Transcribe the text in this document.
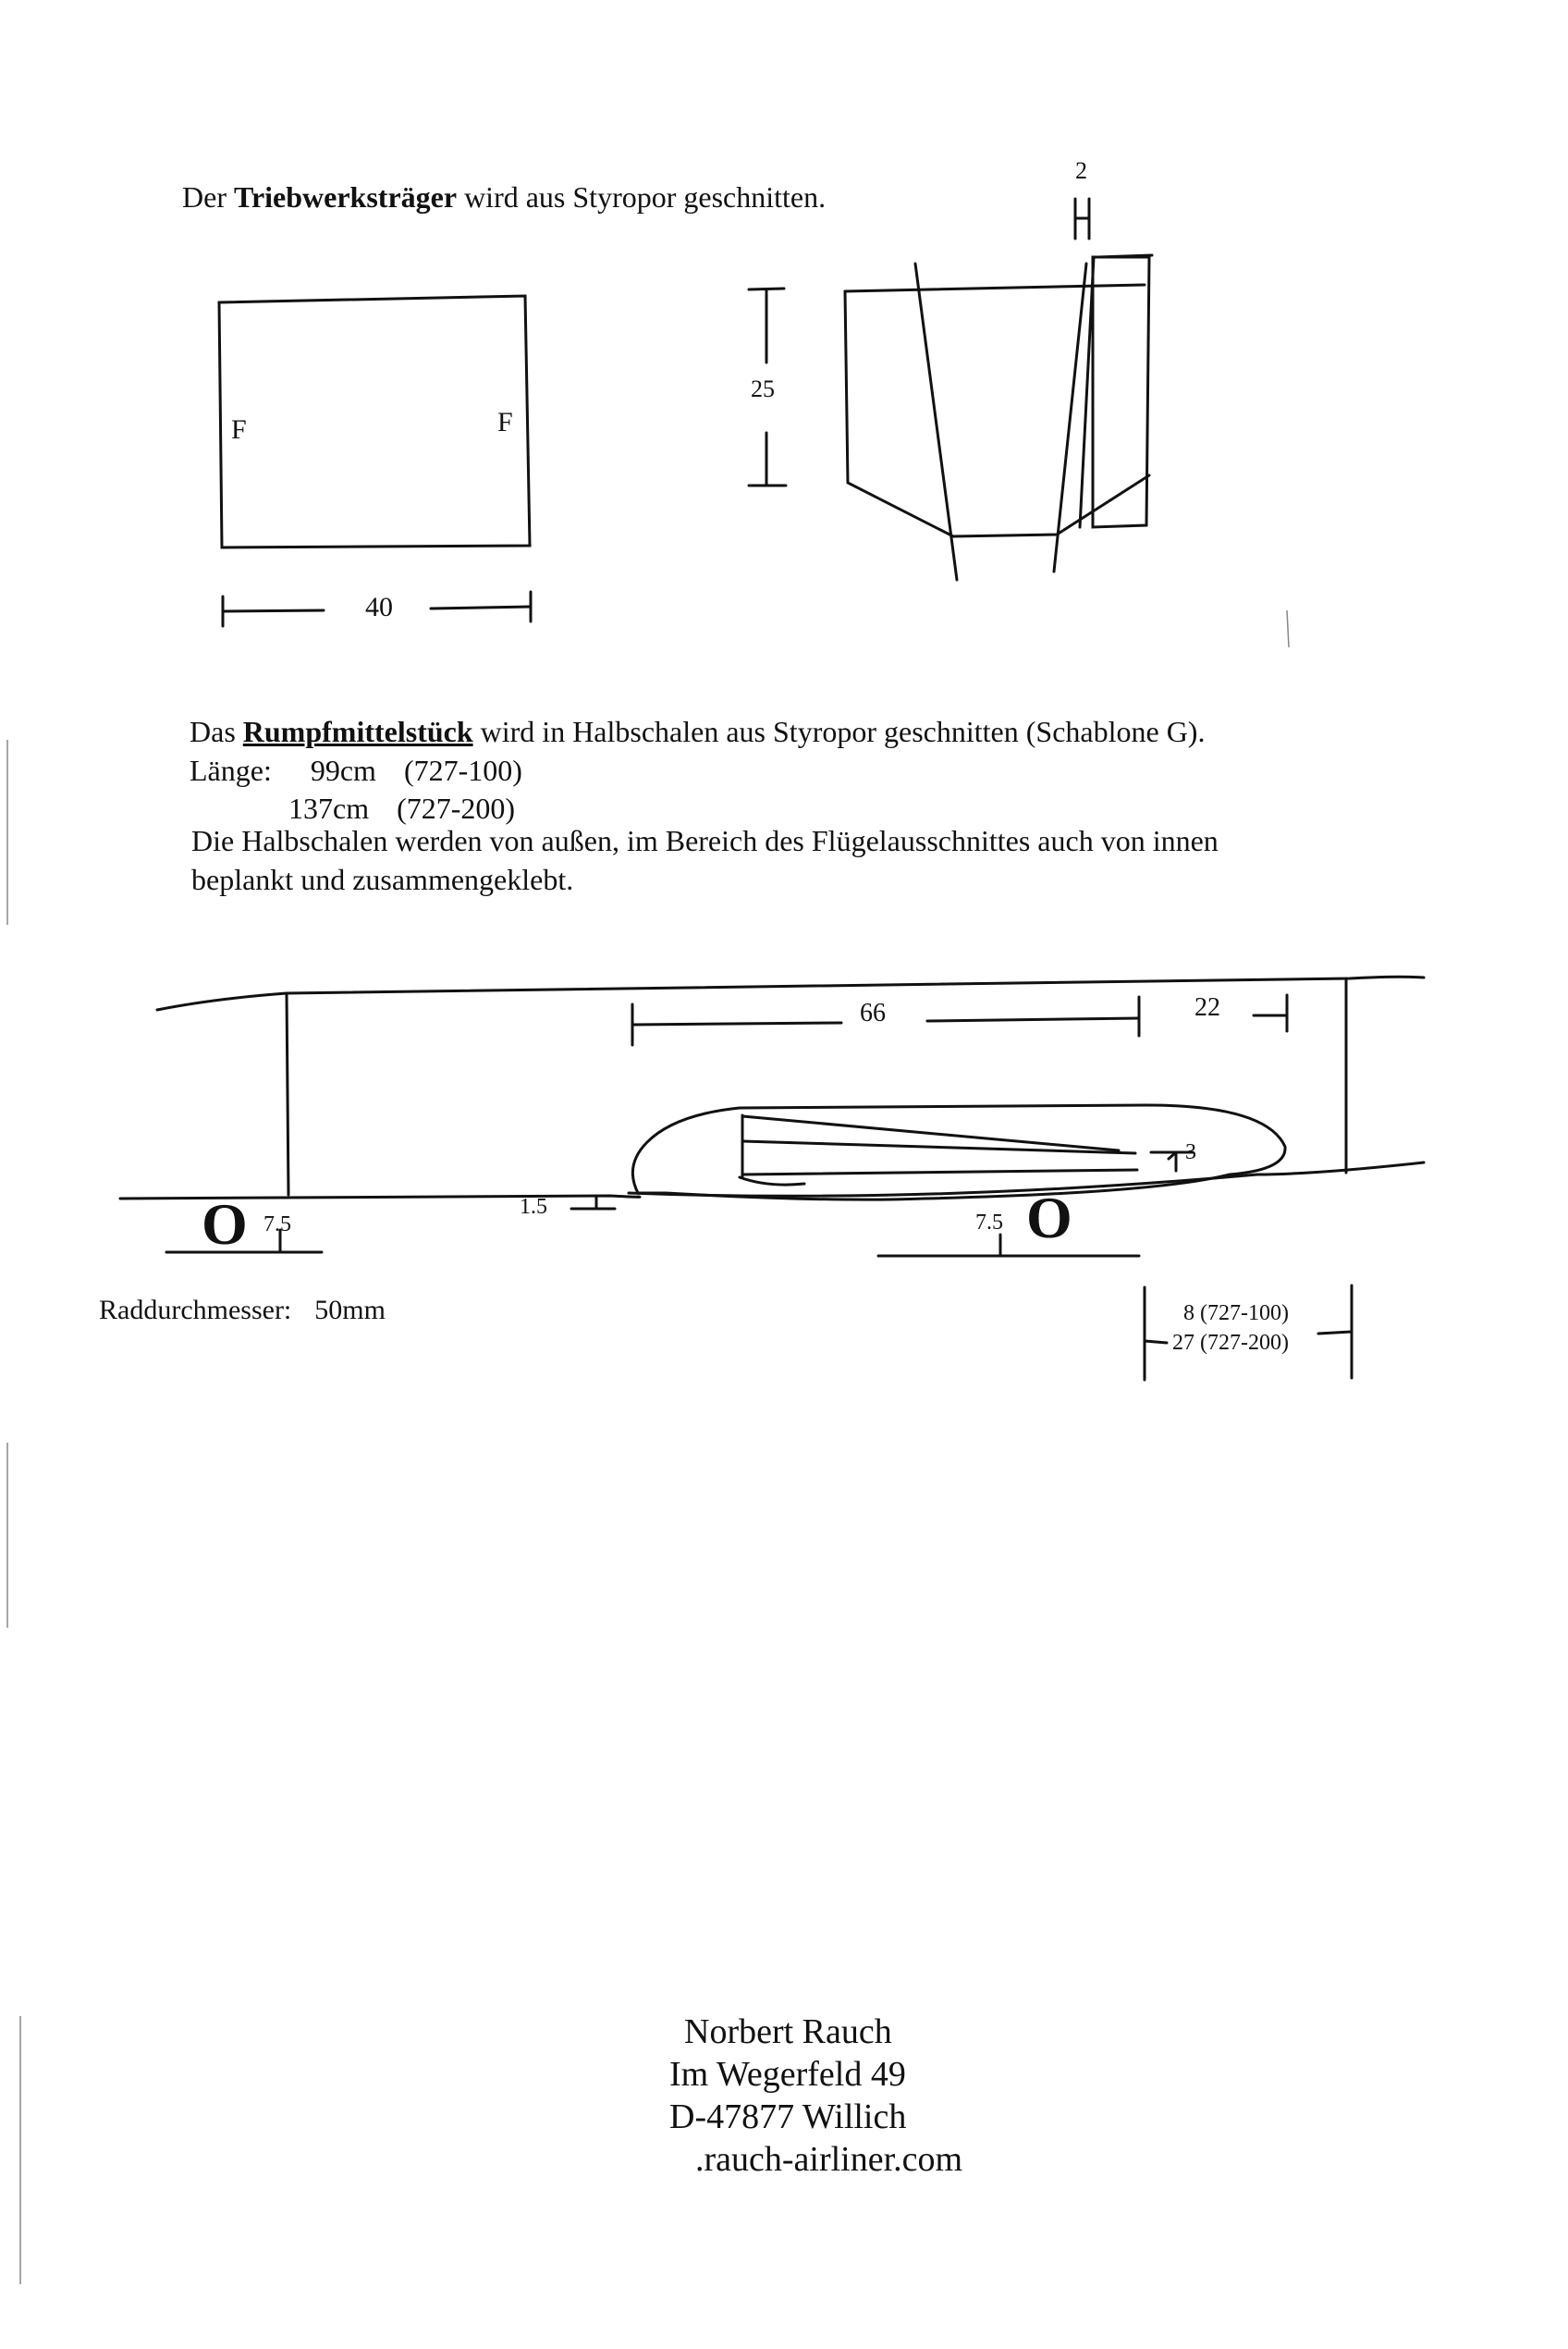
Der Triebwerksträger wird aus Styropor geschnitten.
2
F	F
40
25
Das Rumpfmittelstück wird in Halbschalen aus Styropor geschnitten (Schablone G).
Länge: 99cm (727-100)
137cm (727-200)
Die Halbschalen werden von außen, im Bereich des Flügelausschnittes auch von innen
beplankt und zusammengeklebt.
66	22
3
1.5
7.5	7.5
O	O
Raddurchmesser: 50mm	8 (727-100)
27 (727-200)
Norbert Rauch
Im Wegerfeld 49
D-47877 Willich
.rauch-airliner.com
